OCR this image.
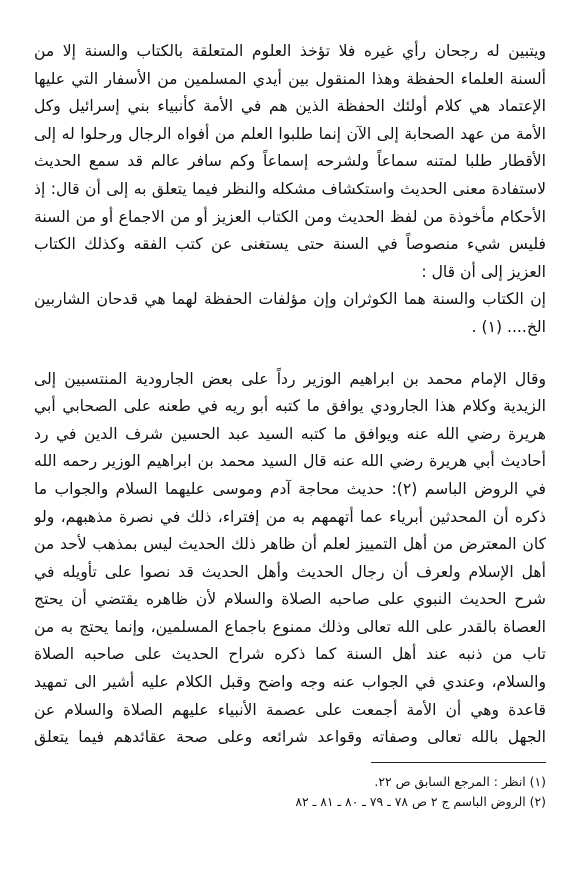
ويتبين له رجحان رأي غيره فلا تؤخذ العلوم المتعلقة بالكتاب والسنة إلا من
ألسنة العلماء الحفظة وهذا المنقول بين أيدي المسلمين من الأسفار التي عليها
الإعتماد هي كلام أولئك الحفظة الذين هم في الأمة كأنبياء بني إسرائيل وكل
الأمة من عهد الصحابة إلى الآن إنما طلبوا العلم من أفواه الرجال ورحلوا له إلى
الأقطار طلبا لمتنه سماعاً ولشرحه إسماعاً وكم سافر عالم قد سمع الحديث
لاستفادة معنى الحديث واستكشاف مشكله والنظر فيما يتعلق به إلى أن قال: إذ
الأحكام مأخوذة من لفظ الحديث ومن الكتاب العزيز أو من الاجماع أو من السنة
فليس شيء منصوصاً في السنة حتى يستغنى عن كتب الفقه وكذلك الكتاب
العزيز إلى أن قال :
إن الكتاب والسنة هما الكوثران وإن مؤلفات الحفظة لهما هي قدحان الشاربين
الخ.... (١) .
وقال الإمام محمد بن ابراهيم الوزير رداً على بعض الجارودية المنتسبين إلى
الزيدية وكلام هذا الجارودي يوافق ما كتبه أبو ريه في طعنه على الصحابي أبي
هريرة رضي الله عنه ويوافق ما كتبه السيد عبد الحسين شرف الدين في رد
أحاديث أبي هريرة رضي الله عنه قال السيد محمد بن ابراهيم الوزير رحمه الله
في الروض الباسم (٢): حديث محاجة آدم وموسى عليهما السلام والجواب ما
ذكره أن المحدثين أبرياء عما أتهمهم به من إفتراء، ذلك في نصرة مذهبهم، ولو
كان المعترض من أهل التمييز لعلم أن ظاهر ذلك الحديث ليس بمذهب لأحد من
أهل الإسلام ولعرف أن رجال الحديث وأهل الحديث قد نصوا على تأويله في
شرح الحديث النبوي على صاحبه الصلاة والسلام لأن ظاهره يقتضي أن يحتج
العصاة بالقدر على الله تعالى وذلك ممنوع باجماع المسلمين، وإنما يحتج به من
تاب من ذنبه عند أهل السنة كما ذكره شراح الحديث على صاحبه الصلاة
والسلام، وعندي في الجواب عنه وجه واضح وقبل الكلام عليه أشير الى تمهيد
قاعدة وهي أن الأمة أجمعت على عصمة الأنبياء عليهم الصلاة والسلام عن
الجهل بالله تعالى وصفاته وقواعد شرائعه وعلى صحة عقائدهم فيما يتعلق
(١) انظر : المرجع السابق ص ٢٢.
(٢) الروض الباسم ج ٢ ص ٧٨ ـ ٧٩ ـ ٨٠ ـ ٨١ ـ ٨٢
